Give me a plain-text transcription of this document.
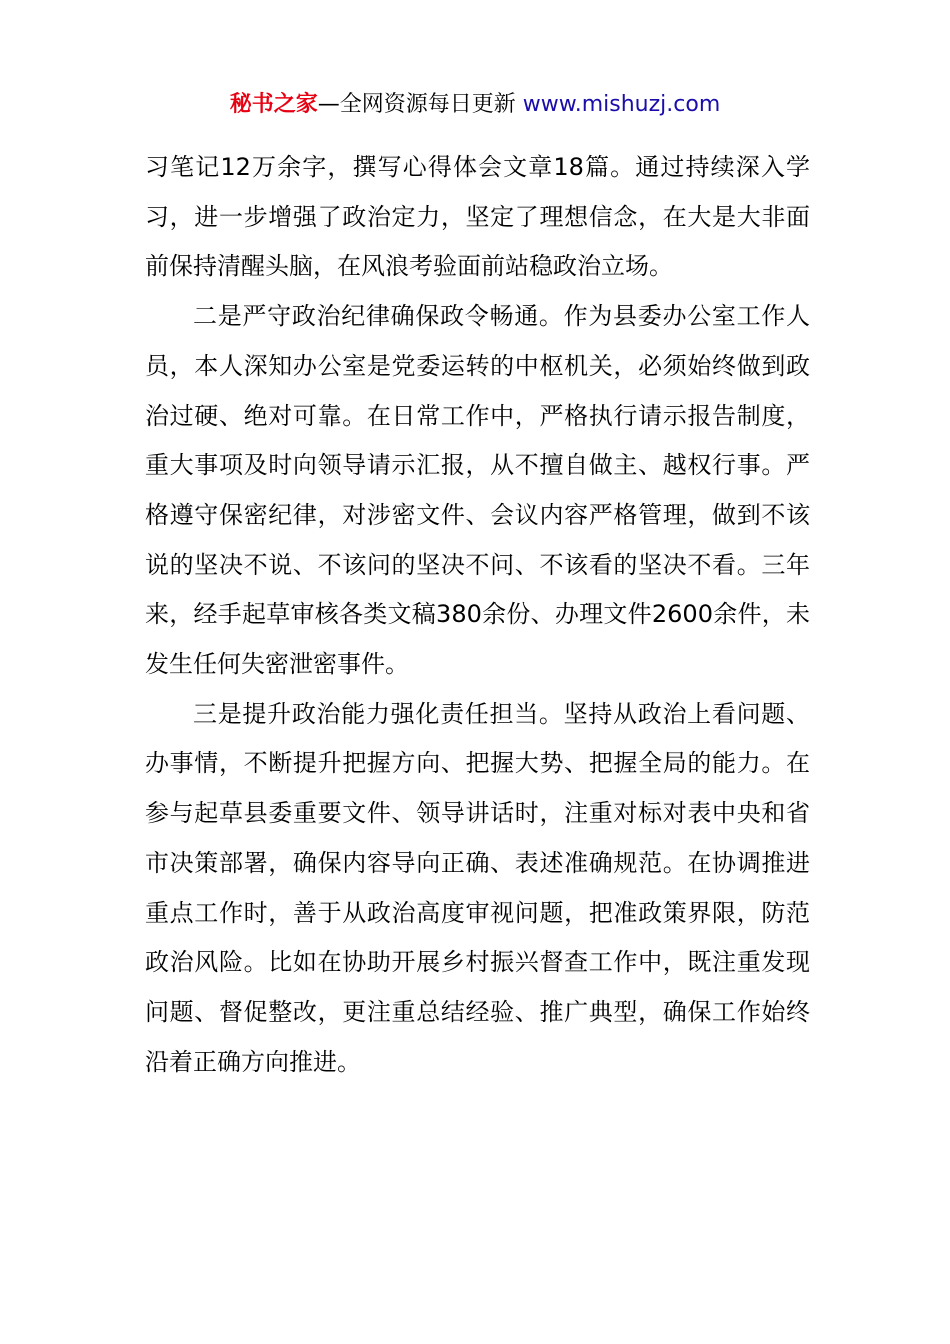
秘书之家—全网资源每日更新 www.mishuzj.com

习笔记12万余字，撰写心得体会文章18篇。通过持续深入学习，进一步增强了政治定力，坚定了理想信念，在大是大非面前保持清醒头脑，在风浪考验面前站稳政治立场。

二是严守政治纪律确保政令畅通。作为县委办公室工作人员，本人深知办公室是党委运转的中枢机关，必须始终做到政治过硬、绝对可靠。在日常工作中，严格执行请示报告制度，重大事项及时向领导请示汇报，从不擅自做主、越权行事。严格遵守保密纪律，对涉密文件、会议内容严格管理，做到不该说的坚决不说、不该问的坚决不问、不该看的坚决不看。三年来，经手起草审核各类文稿380余份、办理文件2600余件，未发生任何失密泄密事件。

三是提升政治能力强化责任担当。坚持从政治上看问题、办事情，不断提升把握方向、把握大势、把握全局的能力。在参与起草县委重要文件、领导讲话时，注重对标对表中央和省市决策部署，确保内容导向正确、表述准确规范。在协调推进重点工作时，善于从政治高度审视问题，把准政策界限，防范政治风险。比如在协助开展乡村振兴督查工作中，既注重发现问题、督促整改，更注重总结经验、推广典型，确保工作始终沿着正确方向推进。
